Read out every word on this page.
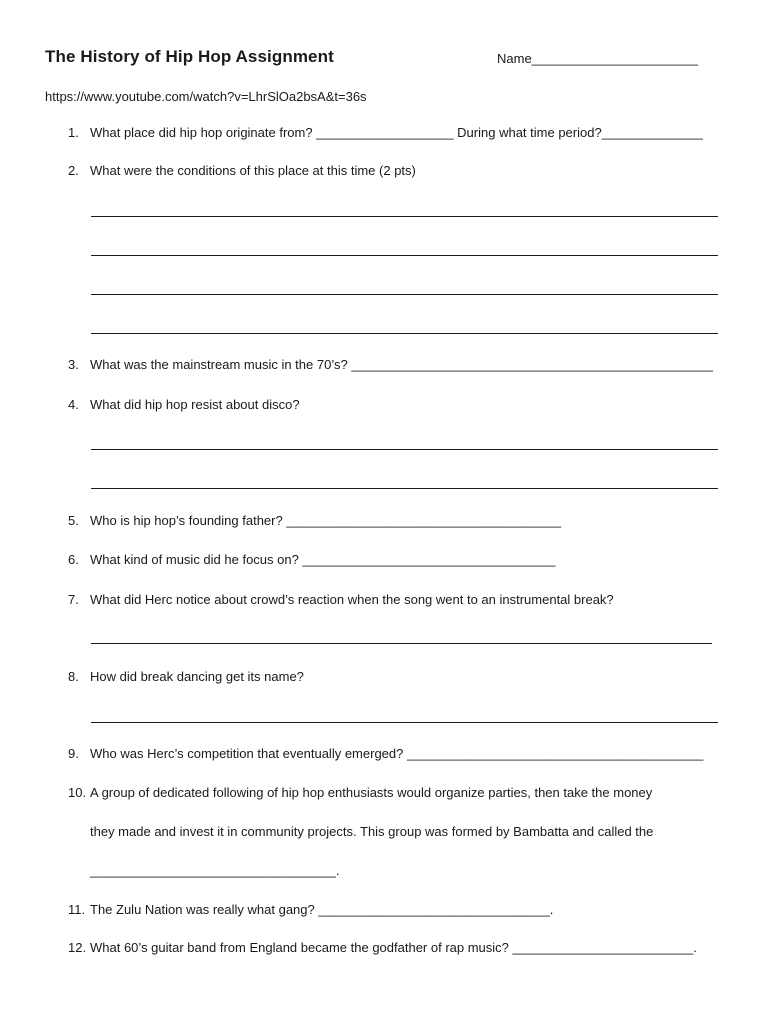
The History of Hip Hop Assignment	Name_______________________
https://www.youtube.com/watch?v=LhrSlOa2bsA&t=36s
1. What place did hip hop originate from? ___________________ During what time period?______________
2. What were the conditions of this place at this time (2 pts)
3. What was the mainstream music in the 70’s? __________________________________________________
4. What did hip hop resist about disco?
5. Who is hip hop’s founding father? ______________________________________
6. What kind of music did he focus on? ___________________________________
7. What did Herc notice about crowd’s reaction when the song went to an instrumental break?
8. How did break dancing get its name?
9. Who was Herc’s competition that eventually emerged? _________________________________________
10. A group of dedicated following of hip hop enthusiasts would organize parties, then take the money
they made and invest it in community projects. This group was formed by Bambatta and called the
__________________________________.
11. The Zulu Nation was really what gang? ________________________________.
12. What 60’s guitar band from England became the godfather of rap music? _________________________.
